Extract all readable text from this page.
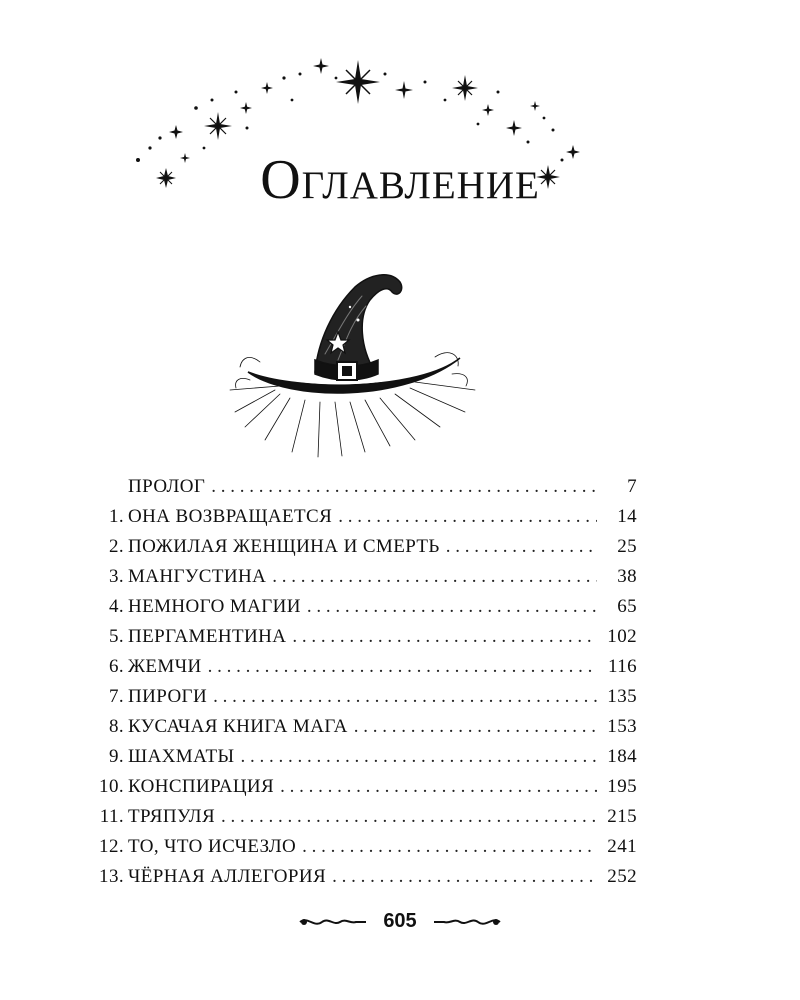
Оглавление
ПРОЛОГ . . .	7
1. ОНА ВОЗВРАЩАЕТСЯ . . .	14
2. ПОЖИЛАЯ ЖЕНЩИНА И СМЕРТЬ . . .	25
3. МАНГУСТИНА . . .	38
4. НЕМНОГО МАГИИ . . .	65
5. ПЕРГАМЕНТИНА . . .	102
6. ЖЕМЧИ . . .	116
7. ПИРОГИ . . .	135
8. КУСАЧАЯ КНИГА МАГА . . .	153
9. ШАХМАТЫ . . .	184
10. КОНСПИРАЦИЯ . . .	195
11. ТРЯПУЛЯ . . .	215
12. ТО, ЧТО ИСЧЕЗЛО . . .	241
13. ЧЁРНАЯ АЛЛЕГОРИЯ . . .	252
605
